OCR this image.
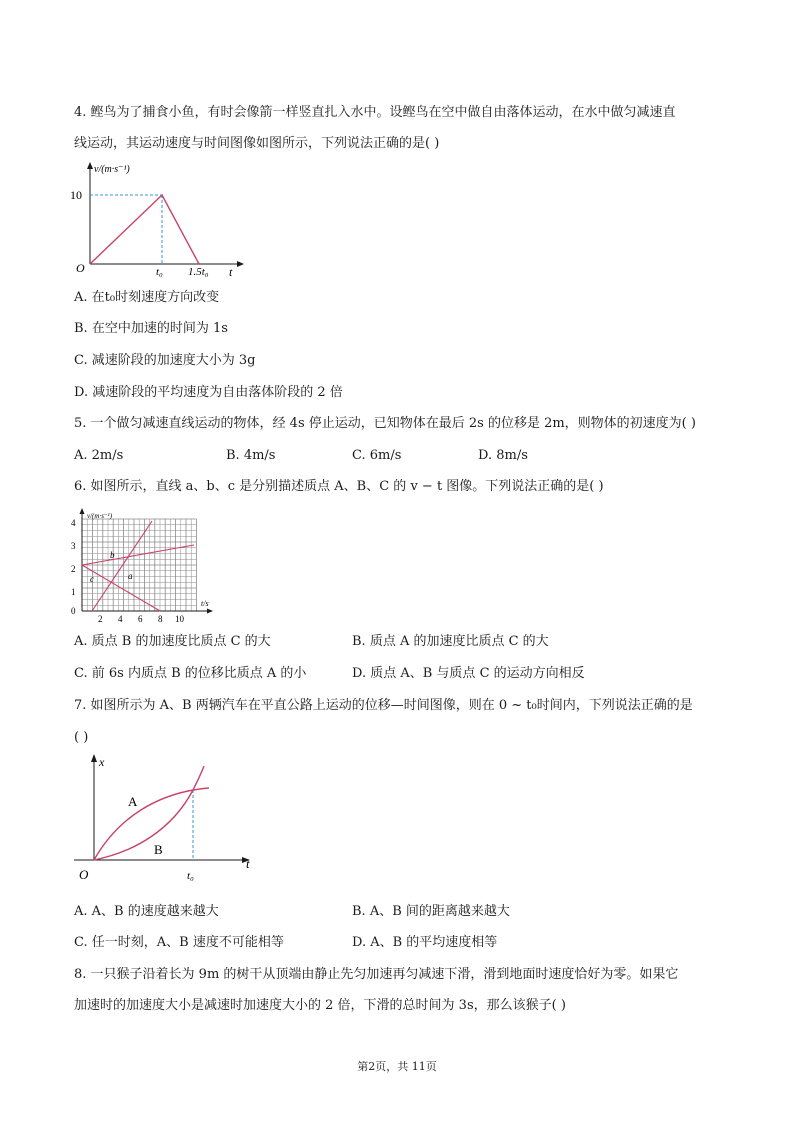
4. 鲣鸟为了捕食小鱼，有时会像箭一样竖直扎入水中。设鲣鸟在空中做自由落体运动，在水中做匀减速直
线运动，其运动速度与时间图像如图所示，下列说法正确的是( )
v/(m·s⁻¹)
10
O	t₀ 1.5t₀ t
A. 在t₀时刻速度方向改变
B. 在空中加速的时间为 1s
C. 减速阶段的加速度大小为 3g
D. 减速阶段的平均速度为自由落体阶段的 2 倍
5. 一个做匀减速直线运动的物体，经 4s 停止运动，已知物体在最后 2s 的位移是 2m，则物体的初速度为( )
A. 2m/s	B. 4m/s	C. 6m/s	D. 8m/s
6. 如图所示，直线 a、b、c 是分别描述质点 A、B、C 的 v − t 图像。下列说法正确的是( )
v/(m·s⁻¹)
4
3
2
1
0
2 4 6 8 10
t/s
b
a
c
A. 质点 B 的加速度比质点 C 的大	B. 质点 A 的加速度比质点 C 的大
C. 前 6s 内质点 B 的位移比质点 A 的小	D. 质点 A、B 与质点 C 的运动方向相反
7. 如图所示为 A、B 两辆汽车在平直公路上运动的位移—时间图像，则在 0 ~ t₀时间内，下列说法正确的是
( )
x
A
B
O	t₀
t
A. A、B 的速度越来越大	B. A、B 间的距离越来越大
C. 任一时刻，A、B 速度不可能相等	D. A、B 的平均速度相等
8. 一只猴子沿着长为 9m 的树干从顶端由静止先匀加速再匀减速下滑，滑到地面时速度恰好为零。如果它
加速时的加速度大小是减速时加速度大小的 2 倍，下滑的总时间为 3s，那么该猴子( )
第2页，共 11页
